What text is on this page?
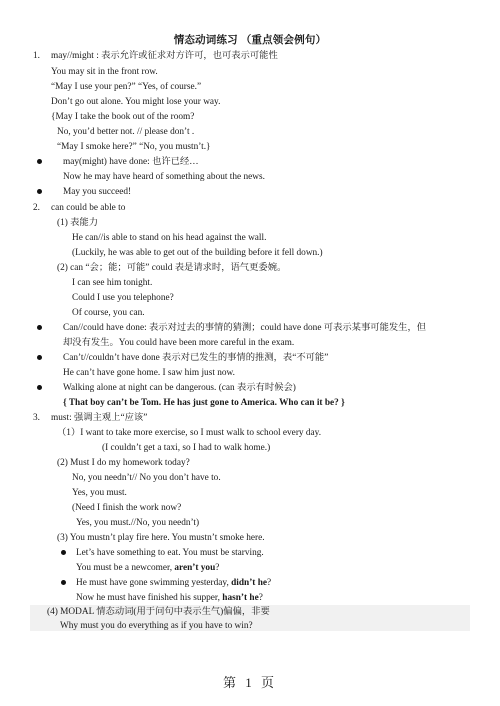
情态动词练习 （重点领会例句）
1. may//might : 表示允许或征求对方许可，也可表示可能性
You may sit in the front row.
“May I use your pen?” “Yes, of course.”
Don’t go out alone. You might lose your way.
{May I take the book out of the room?
No, you’d better not. // please don’t .
“May I smoke here?” “No, you mustn’t.}
may(might) have done: 也许已经…
Now he may have heard of something about the news.
May you succeed!
2. can could be able to
(1) 表能力
He can//is able to stand on his head against the wall.
(Luckily, he was able to get out of the building before it fell down.)
(2) can “会；能；可能” could 表是请求时，语气更委婉。
I can see him tonight.
Could I use you telephone?
Of course, you can.
Can//could have done: 表示对过去的事情的猜测；could have done 可表示某事可能发生，但
却没有发生。You could have been more careful in the exam.
Can’t//couldn’t have done 表示对已发生的事情的推测，表“不可能”
He can’t have gone home. I saw him just now.
Walking alone at night can be dangerous. (can 表示有时候会)
{ That boy can’t be Tom. He has just gone to America. Who can it be? }
3. must: 强调主观上“应该”
（1）I want to take more exercise, so I must walk to school every day.
(I couldn’t get a taxi, so I had to walk home.)
(2) Must I do my homework today?
No, you needn’t// No you don’t have to.
Yes, you must.
(Need I finish the work now?
Yes, you must.//No, you needn’t)
(3) You mustn’t play fire here. You mustn’t smoke here.
Let’s have something to eat. You must be starving.
You must be a newcomer, aren’t you?
He must have gone swimming yesterday, didn’t he?
Now he must have finished his supper, hasn’t he?
(4) MODAL 情态动词(用于问句中表示生气)偏偏，非要
Why must you do everything as if you have to win?
第 1 页
